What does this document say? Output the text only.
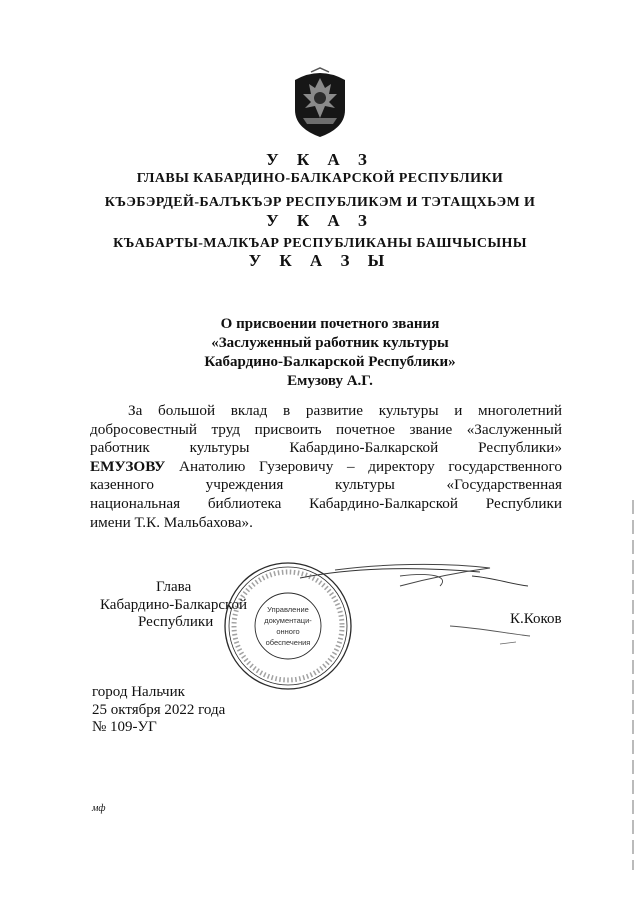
У К А З
ГЛАВЫ КАБАРДИНО-БАЛКАРСКОЙ РЕСПУБЛИКИ
КЪЭБЭРДЕЙ-БАЛЪКЪЭР РЕСПУБЛИКЭМ И ТЭТАЩХЬЭМ И
У К А З
КЪАБАРТЫ-МАЛКЪАР РЕСПУБЛИКАНЫ БАШЧЫСЫНЫ
У К А З Ы
О присвоении почетного звания
«Заслуженный работник культуры
Кабардино-Балкарской Республики»
Емузову А.Г.
За большой вклад в развитие культуры и многолетний
добросовестный труд присвоить почетное звание «Заслуженный
работник	культуры	Кабардино-Балкарской	Республики»
ЕМУЗОВУ Анатолию Гузеровичу – директору государственного
казенного	учреждения	культуры	«Государственная
национальная библиотека Кабардино-Балкарской Республики
имени Т.К. Мальбахова».
Глава
Кабардино-Балкарской
Республики
Управление
документаци-
онного
обеспечения
К.Коков
город Нальчик
25 октября 2022 года
№ 109-УГ
мф
